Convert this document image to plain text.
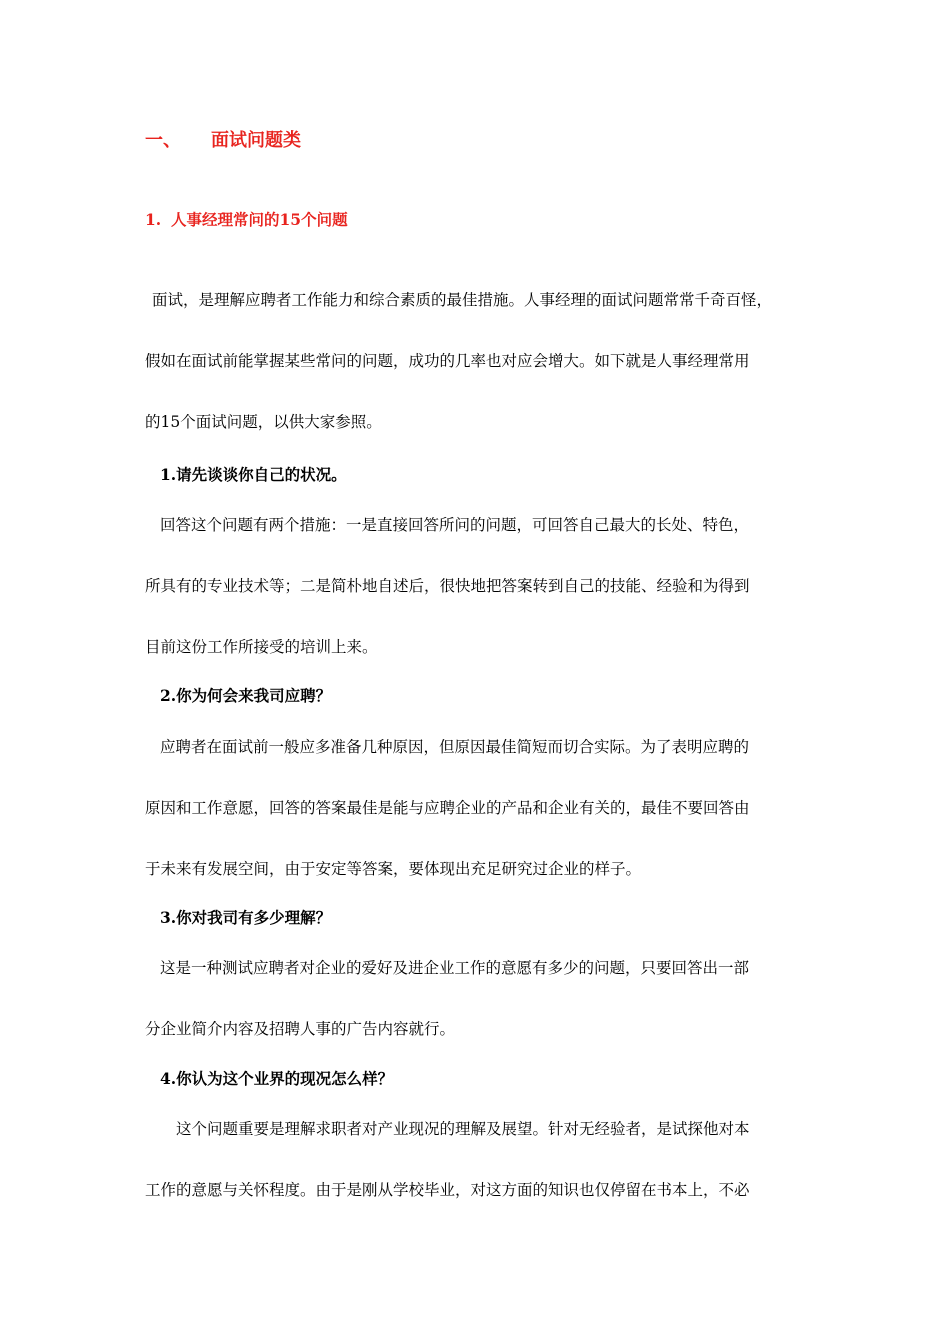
一、 面试问题类
1. 人事经理常问的15个问题
面试，是理解应聘者工作能力和综合素质的最佳措施。人事经理的面试问题常常千奇百怪，
假如在面试前能掌握某些常问的问题，成功的几率也对应会增大。如下就是人事经理常用
的15个面试问题，以供大家参照。
1.请先谈谈你自己的状况。
回答这个问题有两个措施：一是直接回答所问的问题，可回答自己最大的长处、特色，
所具有的专业技术等；二是简朴地自述后，很快地把答案转到自己的技能、经验和为得到
目前这份工作所接受的培训上来。
2.你为何会来我司应聘？
应聘者在面试前一般应多准备几种原因，但原因最佳简短而切合实际。为了表明应聘的
原因和工作意愿，回答的答案最佳是能与应聘企业的产品和企业有关的，最佳不要回答由
于未来有发展空间，由于安定等答案，要体现出充足研究过企业的样子。
3.你对我司有多少理解？
这是一种测试应聘者对企业的爱好及进企业工作的意愿有多少的问题，只要回答出一部
分企业简介内容及招聘人事的广告内容就行。
4.你认为这个业界的现况怎么样？
这个问题重要是理解求职者对产业现况的理解及展望。针对无经验者，是试探他对本
工作的意愿与关怀程度。由于是刚从学校毕业，对这方面的知识也仅停留在书本上，不必
